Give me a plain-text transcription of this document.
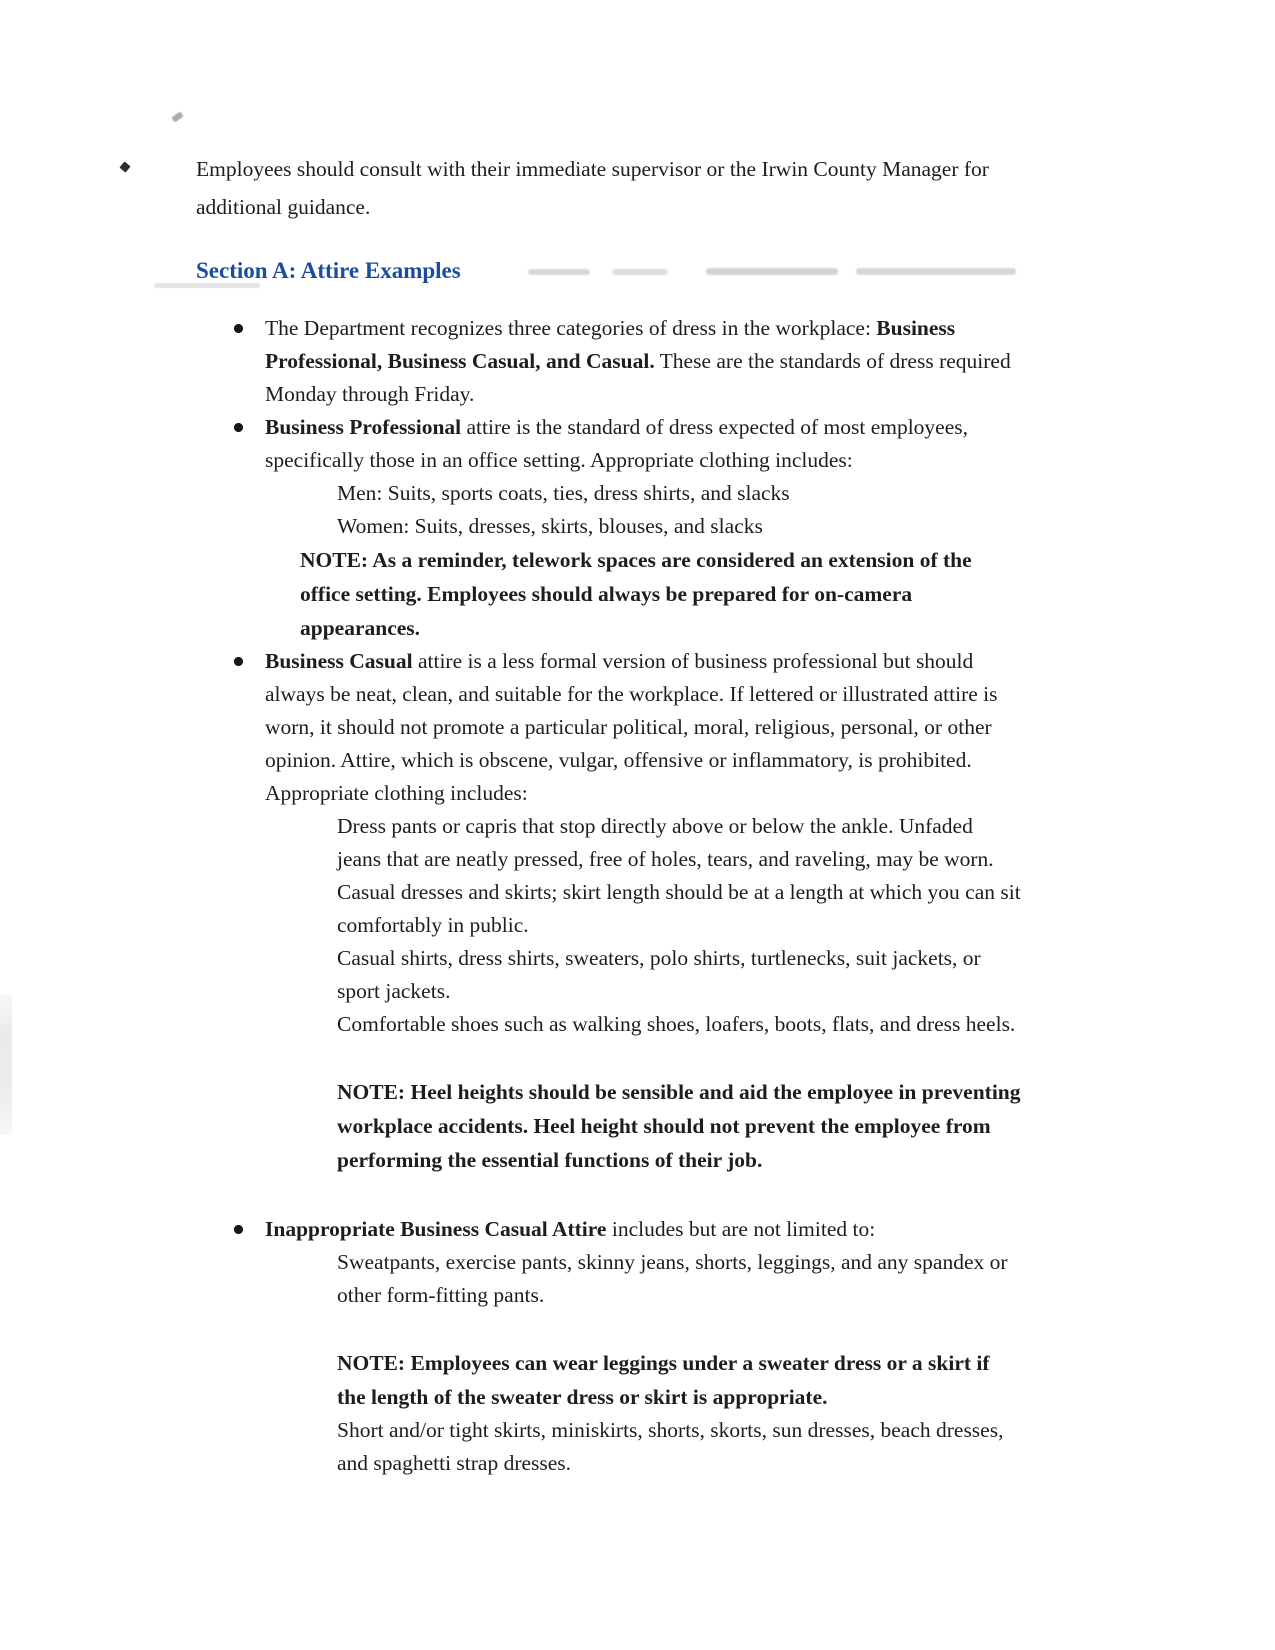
Employees should consult with their immediate supervisor or the Irwin County Manager for additional guidance.

Section A: Attire Examples
The Department recognizes three categories of dress in the workplace: Business Professional, Business Casual, and Casual. These are the standards of dress required Monday through Friday.
Business Professional attire is the standard of dress expected of most employees, specifically those in an office setting. Appropriate clothing includes:
Men: Suits, sports coats, ties, dress shirts, and slacks
Women: Suits, dresses, skirts, blouses, and slacks
NOTE: As a reminder, telework spaces are considered an extension of the office setting. Employees should always be prepared for on-camera appearances.
Business Casual attire is a less formal version of business professional but should always be neat, clean, and suitable for the workplace. If lettered or illustrated attire is worn, it should not promote a particular political, moral, religious, personal, or other opinion. Attire, which is obscene, vulgar, offensive or inflammatory, is prohibited. Appropriate clothing includes:
Dress pants or capris that stop directly above or below the ankle. Unfaded jeans that are neatly pressed, free of holes, tears, and raveling, may be worn.
Casual dresses and skirts; skirt length should be at a length at which you can sit comfortably in public.
Casual shirts, dress shirts, sweaters, polo shirts, turtlenecks, suit jackets, or sport jackets.
Comfortable shoes such as walking shoes, loafers, boots, flats, and dress heels.
NOTE: Heel heights should be sensible and aid the employee in preventing workplace accidents. Heel height should not prevent the employee from performing the essential functions of their job.
Inappropriate Business Casual Attire includes but are not limited to:
Sweatpants, exercise pants, skinny jeans, shorts, leggings, and any spandex or other form-fitting pants.
NOTE: Employees can wear leggings under a sweater dress or a skirt if the length of the sweater dress or skirt is appropriate.
Short and/or tight skirts, miniskirts, shorts, skorts, sun dresses, beach dresses, and spaghetti strap dresses.
